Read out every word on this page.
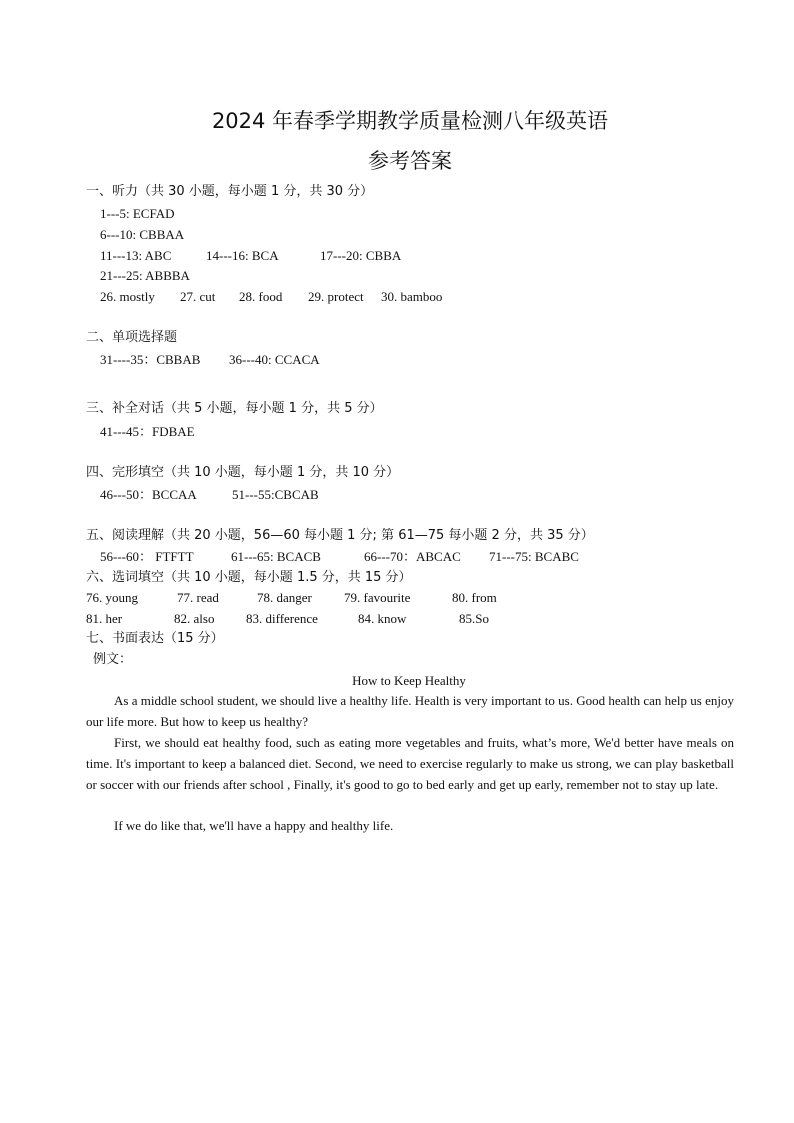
2024 年春季学期教学质量检测八年级英语
参考答案
一、听力（共 30 小题，每小题 1 分，共 30 分）
1---5: ECFAD
6---10: CBBAA
11---13: ABC	14---16: BCA	17---20: CBBA
21---25: ABBBA
26. mostly 27. cut 28. food 29. protect 30. bamboo
二、单项选择题
31----35：CBBAB 36---40: CCACA
三、补全对话（共 5 小题，每小题 1 分，共 5 分）
41---45：FDBAE
四、完形填空（共 10 小题，每小题 1 分，共 10 分）
46---50：BCCAA	51---55:CBCAB
五、阅读理解（共 20 小题，56—60 每小题 1 分; 第 61—75 每小题 2 分，共 35 分）
56---60： FTFTT	61---65: BCACB	66---70：ABCAC 71---75: BCABC
六、选词填空（共 10 小题，每小题 1.5 分，共 15 分）
76. young	77. read	78. danger 79. favourite	80. from
81. her	82. also 83. difference	84. know	85.So
七、书面表达（15 分）
例文：
How to Keep Healthy

As a middle school student, we should live a healthy life. Health is very important to us. Good health can help us enjoy our life more. But how to keep us healthy?

First, we should eat healthy food, such as eating more vegetables and fruits, what’s more, We'd better have meals on time. It's important to keep a balanced diet. Second, we need to exercise regularly to make us strong, we can play basketball or soccer with our friends after school , Finally, it's good to go to bed early and get up early, remember not to stay up late.

If we do like that, we'll have a happy and healthy life.
